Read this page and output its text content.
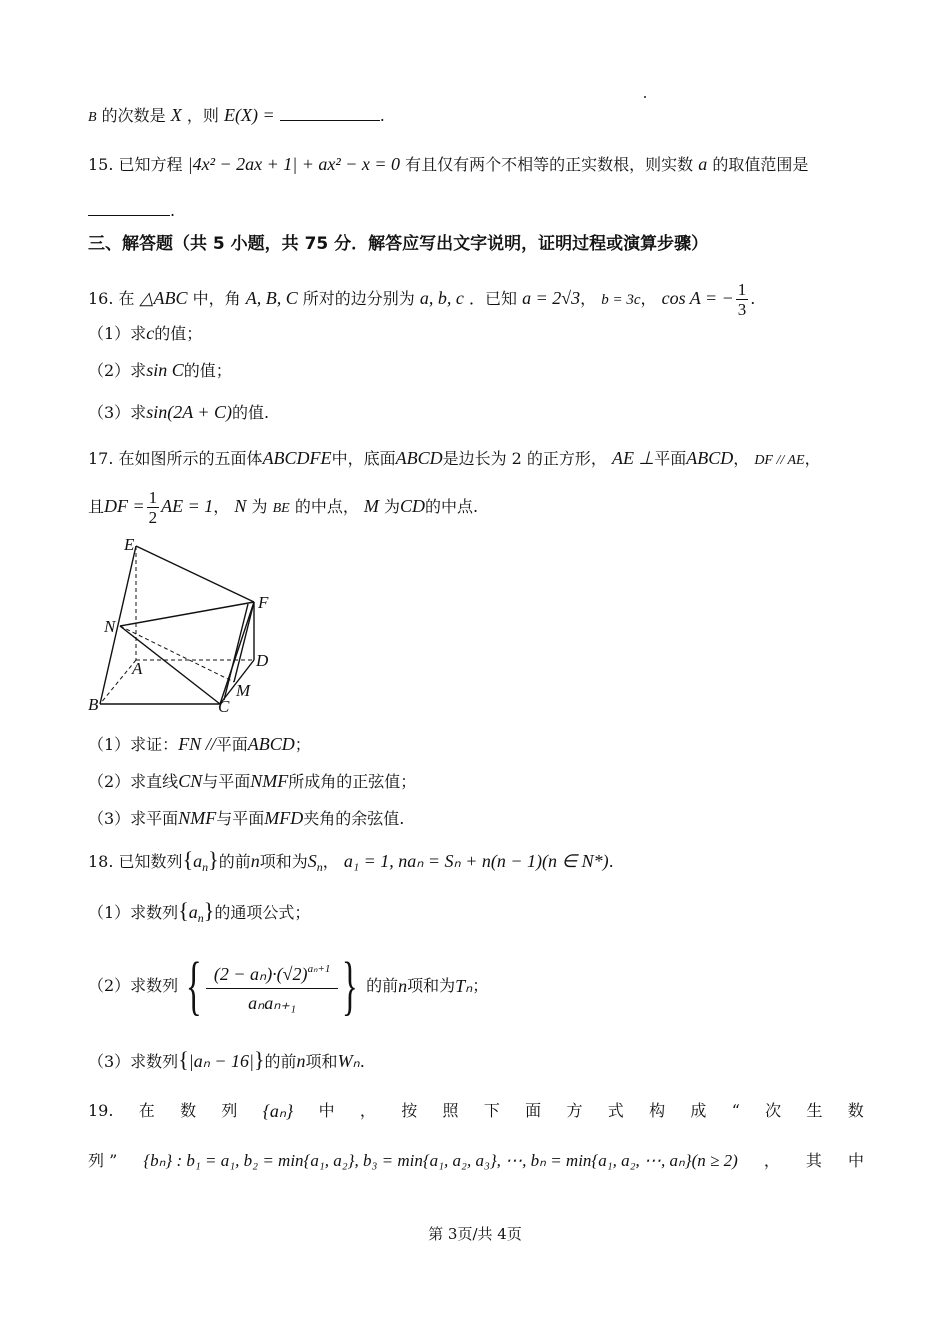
B 的次数是 X ，则 E(X) =	.
15. 已知方程 |4x² − 2ax + 1| + ax² − x = 0 有且仅有两个不相等的正实数根，则实数 a 的取值范围是
.
三、解答题（共 5 小题，共 75 分．解答应写出文字说明，证明过程或演算步骤）
16. 在 △ABC 中，角 A, B, C 所对的边分别为 a, b, c ．已知 a = 2√3， b = 3c， cos A = − $\frac{1}{3}$ .
（1）求c的值；
（2）求sin C的值；
（3）求sin(2A + C)的值.
17. 在如图所示的五面体ABCDFE中，底面ABCD是边长为 2 的正方形， AE ⊥平面ABCD， DF // AE，
且DF = $\frac{1}{2}$ AE = 1， N 为 BE 的中点， M 为CD的中点.
E
F
N
D
A
M
B	C
（1）求证：FN //平面ABCD；
（2）求直线CN与平面NMF所成角的正弦值；
（3）求平面NMF与平面MFD夹角的余弦值.
18. 已知数列$\{a_n\}$的前n项和为$S_n$， a₁ = 1, naₙ = Sₙ + n(n − 1)(n ∈ N*).
（1）求数列$\{a_n\}$的通项公式；
（2）求数列 { $\frac{(2 - a_n)\cdot(√2)^{a_n+1}}{\text{aₙaₙ₊₁}}$ } 的前 n 项和为 Tₙ ；
（3）求数列{|aₙ − 16|}的前n项和Wₙ.
19. 在 数 列 {aₙ} 中 ， 按 照 下 面 方 式 构 成 “ 次 生 数
列 ” {bₙ} : b₁ = a₁, b₂ = min{a₁, a₂}, b₃ = min{a₁, a₂, a₃}, ⋯, bₙ = min{a₁, a₂, ⋯, aₙ}(n ≥ 2) ， 其 中
第 3页/共 4页
